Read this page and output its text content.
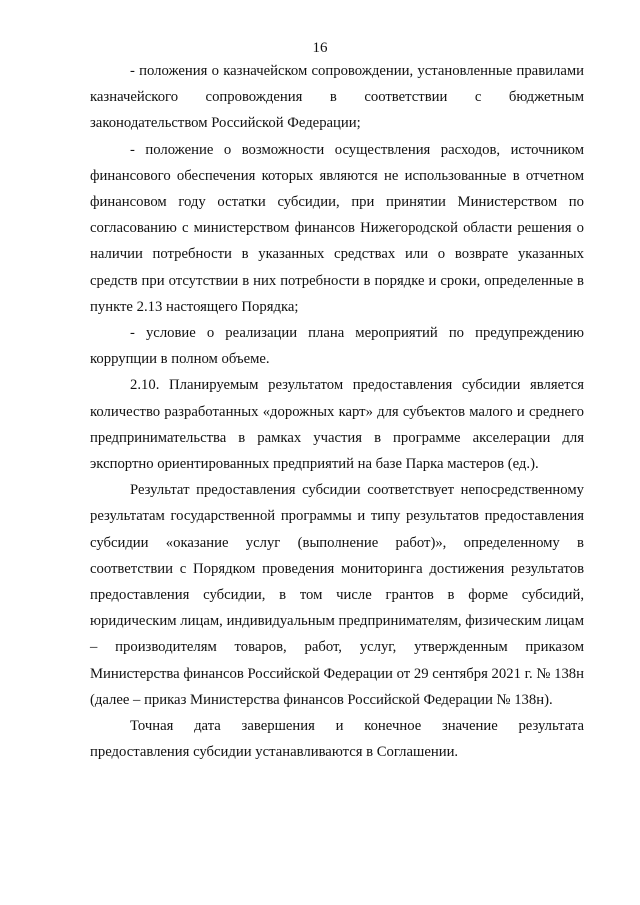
16

- положения о казначейском сопровождении, установленные правилами казначейского сопровождения в соответствии с бюджетным законодательством Российской Федерации;

- положение о возможности осуществления расходов, источником финансового обеспечения которых являются не использованные в отчетном финансовом году остатки субсидии, при принятии Министерством по согласованию с министерством финансов Нижегородской области решения о наличии потребности в указанных средствах или о возврате указанных средств при отсутствии в них потребности в порядке и сроки, определенные в пункте 2.13 настоящего Порядка;

- условие о реализации плана мероприятий по предупреждению коррупции в полном объеме.

2.10. Планируемым результатом предоставления субсидии является количество разработанных «дорожных карт» для субъектов малого и среднего предпринимательства в рамках участия в программе акселерации для экспортно ориентированных предприятий на базе Парка мастеров (ед.).

Результат предоставления субсидии соответствует непосредственному результатам государственной программы и типу результатов предоставления субсидии «оказание услуг (выполнение работ)», определенному в соответствии с Порядком проведения мониторинга достижения результатов предоставления субсидии, в том числе грантов в форме субсидий, юридическим лицам, индивидуальным предпринимателям, физическим лицам – производителям товаров, работ, услуг, утвержденным приказом Министерства финансов Российской Федерации от 29 сентября 2021 г. № 138н (далее – приказ Министерства финансов Российской Федерации № 138н).

Точная дата завершения и конечное значение результата предоставления субсидии устанавливаются в Соглашении.
